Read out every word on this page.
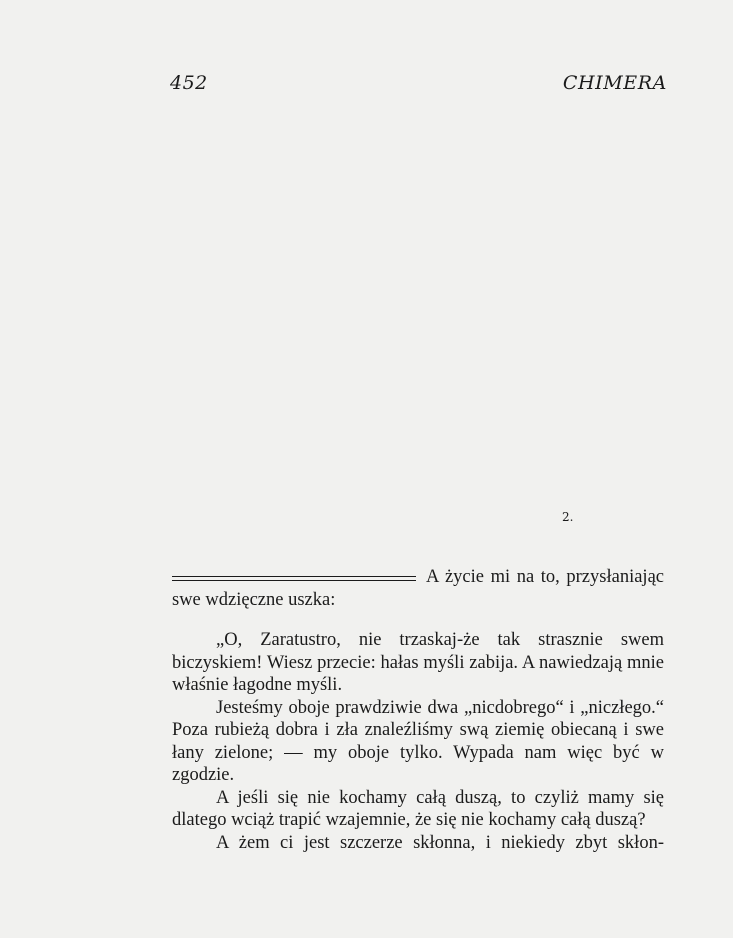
452	CHIMERA
2.

A życie mi na to, przysłaniając swe wdzięczne uszka:

„O, Zaratustro, nie trzaskaj-że tak strasznie swem biczyskiem! Wiesz przecie: hałas myśli zabija. A nawiedzają mnie właśnie łagodne myśli.

Jesteśmy oboje prawdziwie dwa „nicdobrego“ i „niczłego.“ Poza rubieżą dobra i zła znaleźliśmy swą ziemię obiecaną i swe łany zielone; — my oboje tylko. Wypada nam więc być w zgodzie.

A jeśli się nie kochamy całą duszą, to czyliż mamy się dlatego wciąż trapić wzajemnie, że się nie kochamy całą duszą?

A żem ci jest szczerze skłonna, i niekiedy zbyt skłon-
